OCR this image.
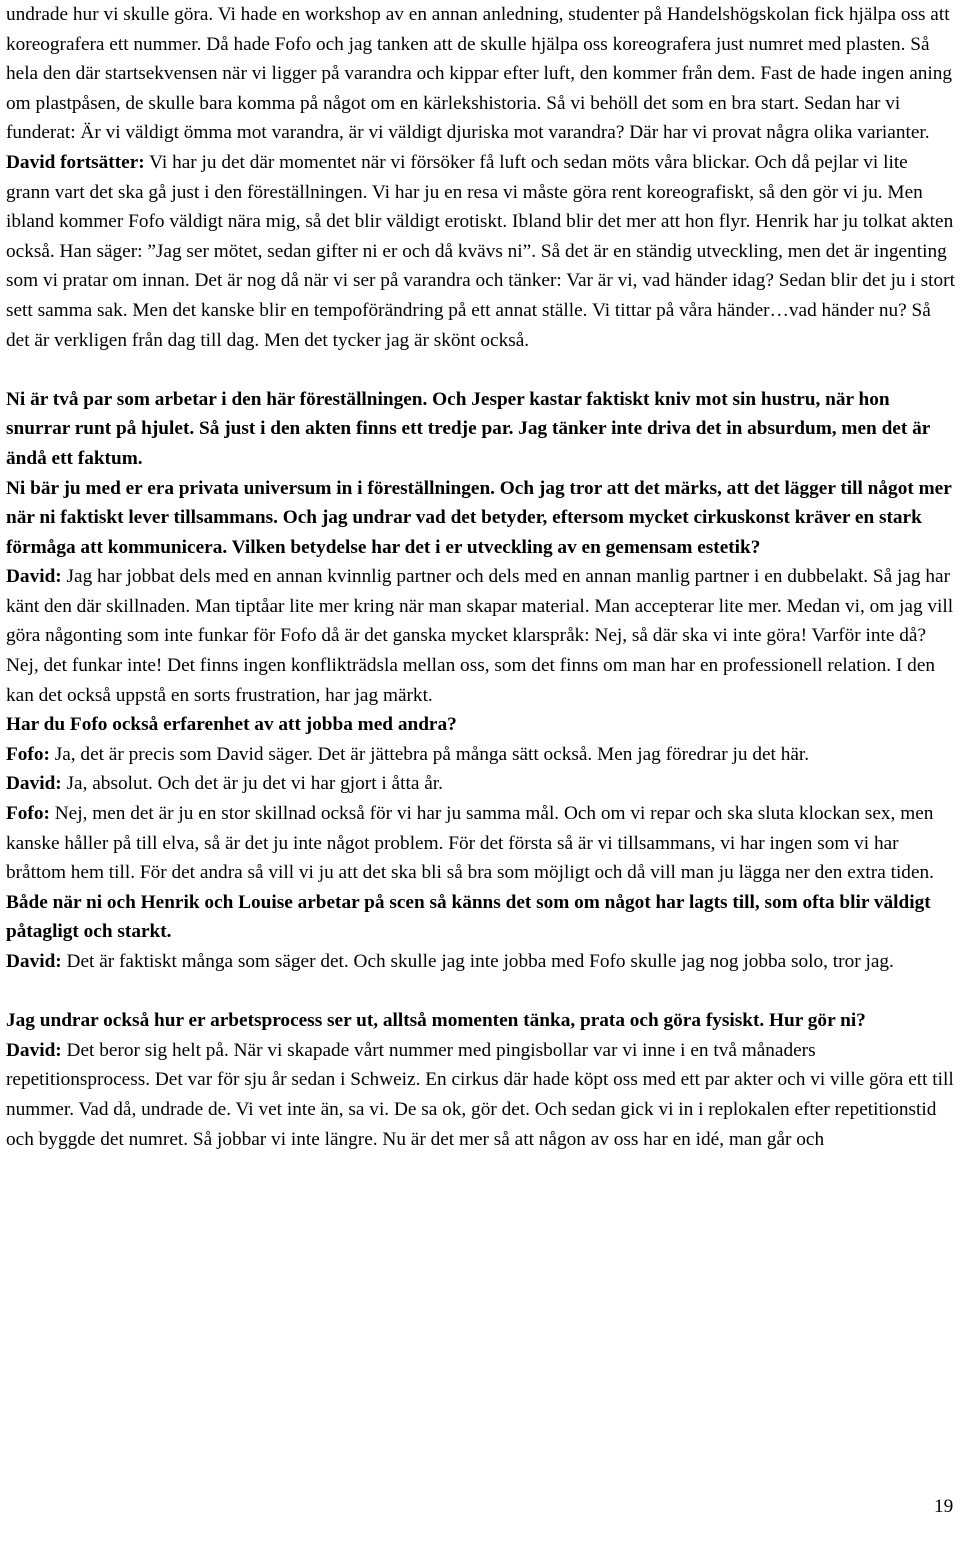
undrade hur vi skulle göra. Vi hade en workshop av en annan anledning, studenter på Handelshögskolan fick hjälpa oss att koreografera ett nummer. Då hade Fofo och jag tanken att de skulle hjälpa oss koreografera just numret med plasten. Så hela den där startsekvensen när vi ligger på varandra och kippar efter luft, den kommer från dem. Fast de hade ingen aning om plastpåsen, de skulle bara komma på något om en kärlekshistoria. Så vi behöll det som en bra start. Sedan har vi funderat: Är vi väldigt ömma mot varandra, är vi väldigt djuriska mot varandra? Där har vi provat några olika varianter.

David fortsätter: Vi har ju det där momentet när vi försöker få luft och sedan möts våra blickar. Och då pejlar vi lite grann vart det ska gå just i den föreställningen. Vi har ju en resa vi måste göra rent koreografiskt, så den gör vi ju. Men ibland kommer Fofo väldigt nära mig, så det blir väldigt erotiskt. Ibland blir det mer att hon flyr. Henrik har ju tolkat akten också. Han säger: ”Jag ser mötet, sedan gifter ni er och då kvävs ni”. Så det är en ständig utveckling, men det är ingenting som vi pratar om innan. Det är nog då när vi ser på varandra och tänker: Var är vi, vad händer idag? Sedan blir det ju i stort sett samma sak. Men det kanske blir en tempoförändring på ett annat ställe. Vi tittar på våra händer…vad händer nu? Så det är verkligen från dag till dag. Men det tycker jag är skönt också.

Ni är två par som arbetar i den här föreställningen. Och Jesper kastar faktiskt kniv mot sin hustru, när hon snurrar runt på hjulet. Så just i den akten finns ett tredje par. Jag tänker inte driva det in absurdum, men det är ändå ett faktum.

Ni bär ju med er era privata universum in i föreställningen. Och jag tror att det märks, att det lägger till något mer när ni faktiskt lever tillsammans. Och jag undrar vad det betyder, eftersom mycket cirkuskonst kräver en stark förmåga att kommunicera. Vilken betydelse har det i er utveckling av en gemensam estetik?

David: Jag har jobbat dels med en annan kvinnlig partner och dels med en annan manlig partner i en dubbelakt. Så jag har känt den där skillnaden. Man tiptåar lite mer kring när man skapar material. Man accepterar lite mer. Medan vi, om jag vill göra någonting som inte funkar för Fofo då är det ganska mycket klarspråk: Nej, så där ska vi inte göra! Varför inte då? Nej, det funkar inte! Det finns ingen konflikträdsla mellan oss, som det finns om man har en professionell relation. I den kan det också uppstå en sorts frustration, har jag märkt.

Har du Fofo också erfarenhet av att jobba med andra?

Fofo: Ja, det är precis som David säger. Det är jättebra på många sätt också. Men jag föredrar ju det här.

David: Ja, absolut. Och det är ju det vi har gjort i åtta år.

Fofo: Nej, men det är ju en stor skillnad också för vi har ju samma mål. Och om vi repar och ska sluta klockan sex, men kanske håller på till elva, så är det ju inte något problem. För det första så är vi tillsammans, vi har ingen som vi har bråttom hem till. För det andra så vill vi ju att det ska bli så bra som möjligt och då vill man ju lägga ner den extra tiden.

Både när ni och Henrik och Louise arbetar på scen så känns det som om något har lagts till, som ofta blir väldigt påtagligt och starkt.

David: Det är faktiskt många som säger det. Och skulle jag inte jobba med Fofo skulle jag nog jobba solo, tror jag.

Jag undrar också hur er arbetsprocess ser ut, alltså momenten tänka, prata och göra fysiskt. Hur gör ni?

David: Det beror sig helt på. När vi skapade vårt nummer med pingisbollar var vi inne i en två månaders repetitionsprocess. Det var för sju år sedan i Schweiz. En cirkus där hade köpt oss med ett par akter och vi ville göra ett till nummer. Vad då, undrade de. Vi vet inte än, sa vi. De sa ok, gör det. Och sedan gick vi in i replokalen efter repetitionstid och byggde det numret. Så jobbar vi inte längre. Nu är det mer så att någon av oss har en idé, man går och

19
